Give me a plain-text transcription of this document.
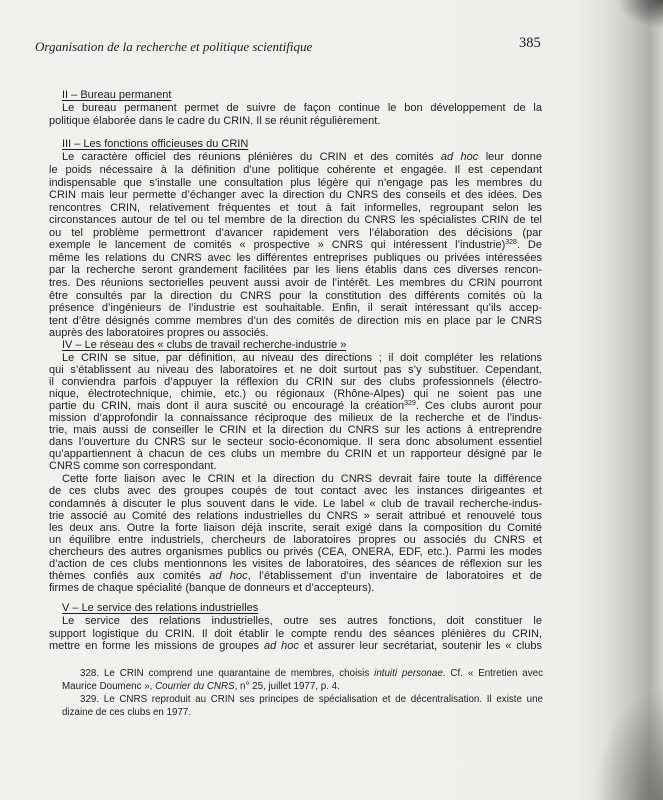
Organisation de la recherche et politique scientifique	385
II – Bureau permanent
Le bureau permanent permet de suivre de façon continue le bon développement de la
politique élaborée dans le cadre du CRIN. Il se réunit régulièrement.
III – Les fonctions officieuses du CRIN
Le caractère officiel des réunions plénières du CRIN et des comités ad hoc leur donne
le poids nécessaire à la définition d’une politique cohérente et engagée. Il est cependant
indispensable que s’installe une consultation plus légère qui n’engage pas les membres du
CRIN mais leur permette d’échanger avec la direction du CNRS des conseils et des idées. Des
rencontres CRIN, relativement fréquentes et tout à fait informelles, regroupant selon les
circonstances autour de tel ou tel membre de la direction du CNRS les spécialistes CRIN de tel
ou tel problème permettront d’avancer rapidement vers l’élaboration des décisions (par
exemple le lancement de comités « prospective » CNRS qui intéressent l’industrie)$^{328}$. De
même les relations du CNRS avec les différentes entreprises publiques ou privées intéressées
par la recherche seront grandement facilitées par les liens établis dans ces diverses rencon-
tres. Des réunions sectorielles peuvent aussi avoir de l’intérêt. Les membres du CRIN pourront
être consultés par la direction du CNRS pour la constitution des différents comités où la
présence d’ingénieurs de l’industrie est souhaitable. Enfin, il serait intéressant qu’ils accep-
tent d’être désignés comme membres d’un des comités de direction mis en place par le CNRS
auprès des laboratoires propres ou associés.
IV – Le réseau des « clubs de travail recherche-industrie »
Le CRIN se situe, par définition, au niveau des directions ; il doit compléter les relations
qui s’établissent au niveau des laboratoires et ne doit surtout pas s’y substituer. Cependant,
il conviendra parfois d’appuyer la réflexion du CRIN sur des clubs professionnels (électro-
nique, électrotechnique, chimie, etc.) ou régionaux (Rhône-Alpes) qui ne soient pas une
partie du CRIN, mais dont il aura suscité ou encouragé la création$^{329}$. Ces clubs auront pour
mission d’approfondir la connaissance réciproque des milieux de la recherche et de l’indus-
trie, mais aussi de conseiller le CRIN et la direction du CNRS sur les actions à entreprendre
dans l’ouverture du CNRS sur le secteur socio-économique. Il sera donc absolument essentiel
qu’appartiennent à chacun de ces clubs un membre du CRIN et un rapporteur désigné par le
CNRS comme son correspondant.
Cette forte liaison avec le CRIN et la direction du CNRS devrait faire toute la différence
de ces clubs avec des groupes coupés de tout contact avec les instances dirigeantes et
condamnés à discuter le plus souvent dans le vide. Le label « club de travail recherche-indus-
trie associé au Comité des relations industrielles du CNRS » serait attribué et renouvelé tous
les deux ans. Outre la forte liaison déjà inscrite, serait exigé dans la composition du Comité
un équilibre entre industriels, chercheurs de laboratoires propres ou associés du CNRS et
chercheurs des autres organismes publics ou privés (CEA, ONERA, EDF, etc.). Parmi les modes
d’action de ces clubs mentionnons les visites de laboratoires, des séances de réflexion sur les
thèmes confiés aux comités ad hoc, l’établissement d’un inventaire de laboratoires et de
firmes de chaque spécialité (banque de donneurs et d’accepteurs).
V – Le service des relations industrielles
Le service des relations industrielles, outre ses autres fonctions, doit constituer le
support logistique du CRIN. Il doit établir le compte rendu des séances plénières du CRIN,
mettre en forme les missions de groupes ad hoc et assurer leur secrétariat, soutenir les « clubs
328. Le CRIN comprend une quarantaine de membres, choisis intuiti personae. Cf. « Entretien avec
Maurice Doumenc », Courrier du CNRS, n° 25, juillet 1977, p. 4.
329. Le CNRS reproduit au CRIN ses principes de spécialisation et de décentralisation. Il existe une
dizaine de ces clubs en 1977.
